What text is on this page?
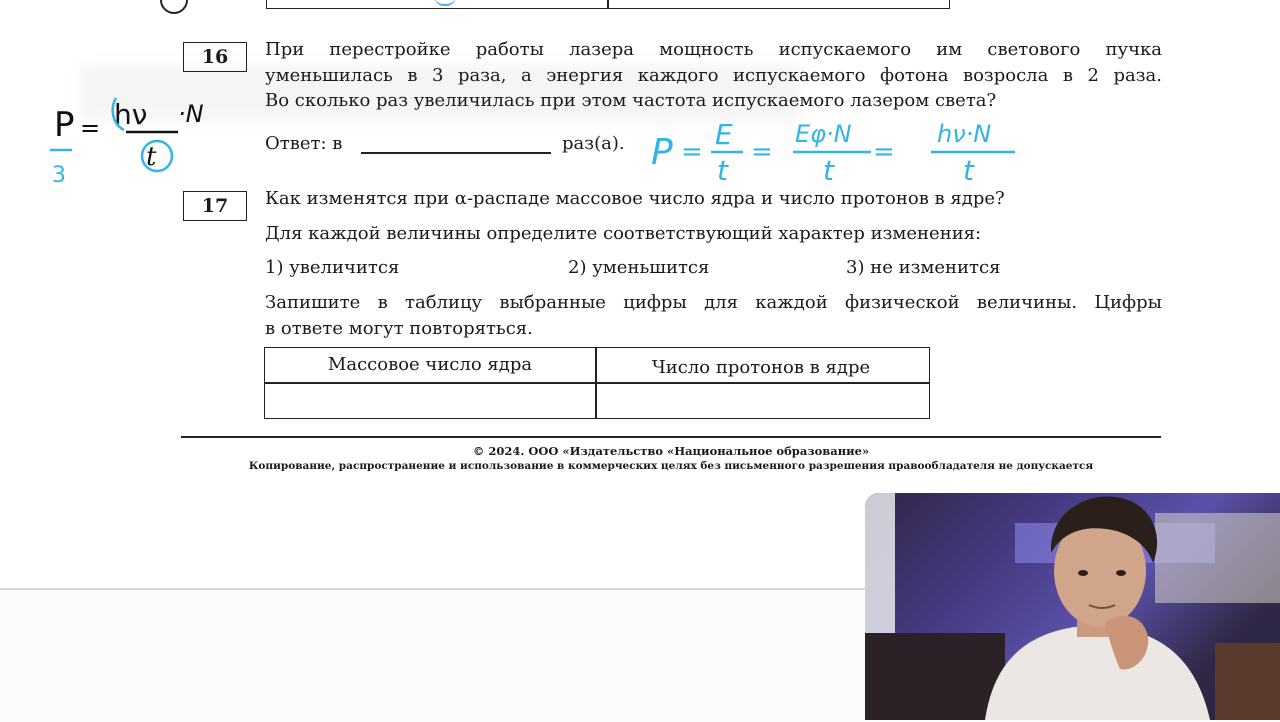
16	При перестройке работы лазера мощность испускаемого им светового пучка
уменьшилась в 3 раза, а энергия каждого испускаемого фотона возросла в 2 раза.
Во сколько раз увеличилась при этом частота испускаемого лазером света?
Ответ: в	раз(а).
17	Как изменятся при α-распаде массовое число ядра и число протонов в ядре?
Для каждой величины определите соответствующий характер изменения:
1) увеличится	2) уменьшится	3) не изменится
Запишите в таблицу выбранные цифры для каждой физической величины. Цифры
в ответе могут повторяться.
Массовое число ядра	Число протонов в ядре
© 2024. ООО «Издательство «Национальное образование»
Копирование, распространение и использование в коммерческих целях без письменного разрешения правообладателя не допускается
P
3
= hν
t
·N
P =
E
t
=
Eφ·N
t
=
hν·N
t
